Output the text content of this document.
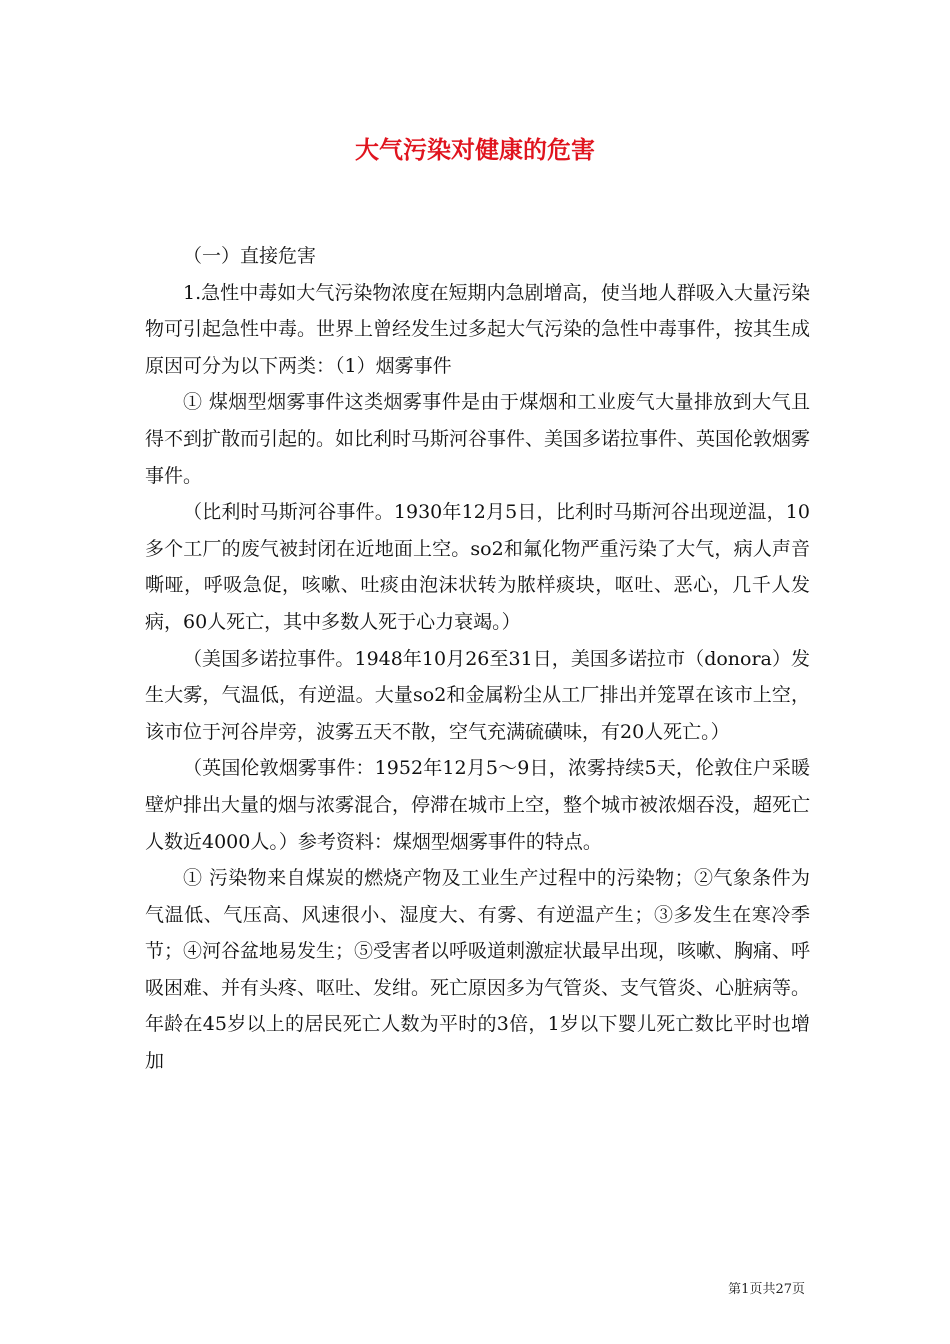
大气污染对健康的危害

（一）直接危害

1.急性中毒如大气污染物浓度在短期内急剧增高，使当地人群吸入大量污染物可引起急性中毒。世界上曾经发生过多起大气污染的急性中毒事件，按其生成原因可分为以下两类：（1）烟雾事件

① 煤烟型烟雾事件这类烟雾事件是由于煤烟和工业废气大量排放到大气且得不到扩散而引起的。如比利时马斯河谷事件、美国多诺拉事件、英国伦敦烟雾事件。

（比利时马斯河谷事件。1930年12月5日，比利时马斯河谷出现逆温，10多个工厂的废气被封闭在近地面上空。so2和氟化物严重污染了大气，病人声音嘶哑，呼吸急促，咳嗽、吐痰由泡沫状转为脓样痰块，呕吐、恶心，几千人发病，60人死亡，其中多数人死于心力衰竭。）

（美国多诺拉事件。1948年10月26至31日，美国多诺拉市（donora）发生大雾，气温低，有逆温。大量so2和金属粉尘从工厂排出并笼罩在该市上空，该市位于河谷岸旁，波雾五天不散，空气充满硫磺味，有20人死亡。）

（英国伦敦烟雾事件：1952年12月5～9日，浓雾持续5天，伦敦住户采暖壁炉排出大量的烟与浓雾混合，停滞在城市上空，整个城市被浓烟吞没，超死亡人数近4000人。）参考资料：煤烟型烟雾事件的特点。

① 污染物来自煤炭的燃烧产物及工业生产过程中的污染物；②气象条件为气温低、气压高、风速很小、湿度大、有雾、有逆温产生；③多发生在寒冷季节；④河谷盆地易发生；⑤受害者以呼吸道刺激症状最早出现，咳嗽、胸痛、呼吸困难、并有头疼、呕吐、发绀。死亡原因多为气管炎、支气管炎、心脏病等。年龄在45岁以上的居民死亡人数为平时的3倍，1岁以下婴儿死亡数比平时也增加

第1页共27页
